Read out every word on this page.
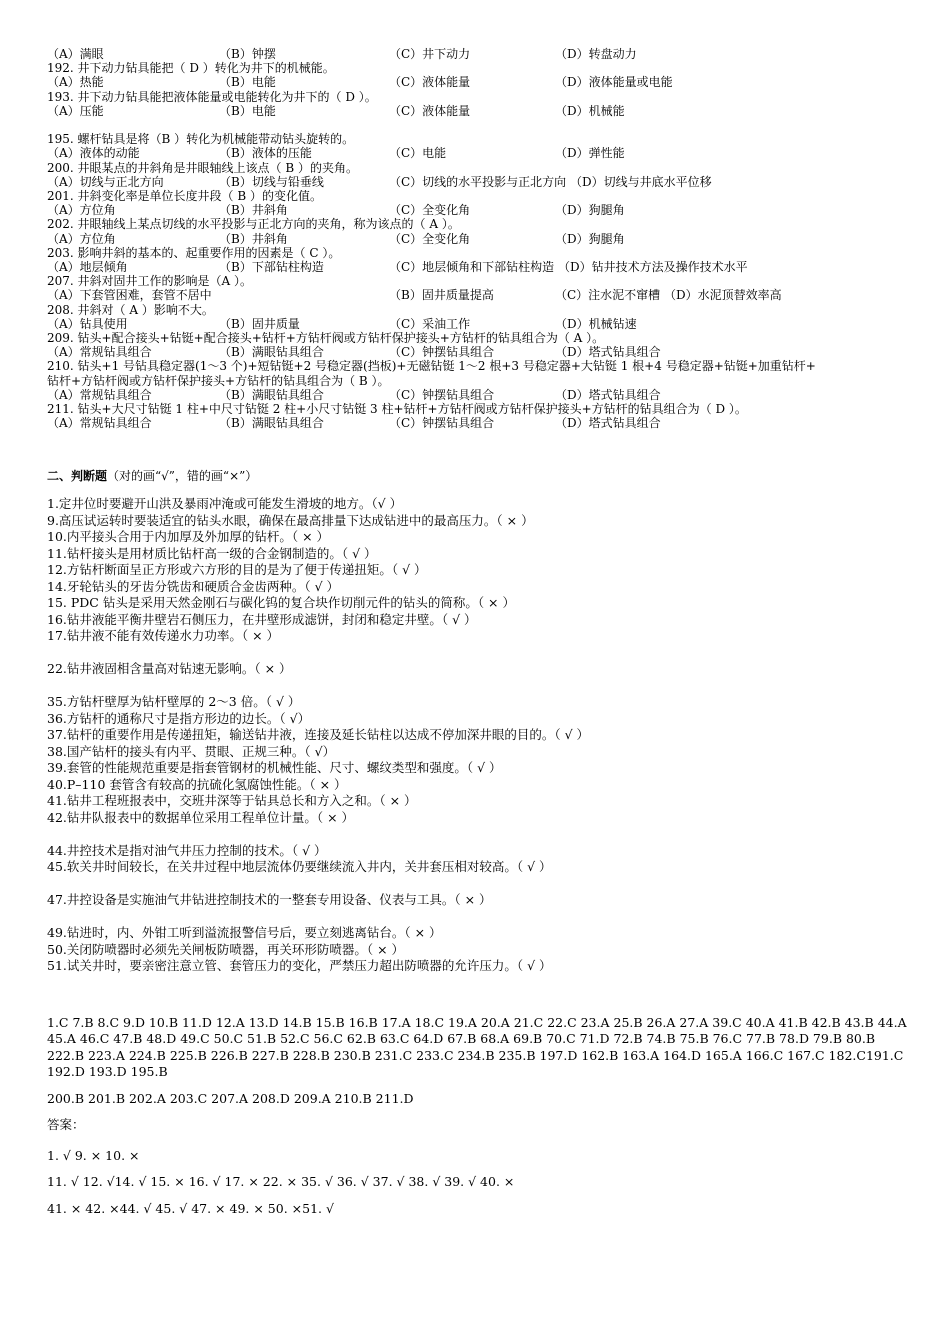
（A）满眼	（B）钟摆	（C）井下动力	（D）转盘动力
192. 井下动力钻具能把（ D ）转化为井下的机械能。
（A）热能	（B）电能	（C）液体能量	（D）液体能量或电能
193. 井下动力钻具能把液体能量或电能转化为井下的（ D ）。
（A）压能	（B）电能	（C）液体能量	（D）机械能
195. 螺杆钻具是将（B ）转化为机械能带动钻头旋转的。
（A）液体的动能	（B）液体的压能	（C）电能	（D）弹性能
200. 井眼某点的井斜角是井眼轴线上该点（ B ）的夹角。
（A）切线与正北方向	（B）切线与铅垂线	（C）切线的水平投影与正北方向 （D）切线与井底水平位移
201. 井斜变化率是单位长度井段（ B ）的变化值。
（A）方位角	（B）井斜角	（C）全变化角	（D）狗腿角
202. 井眼轴线上某点切线的水平投影与正北方向的夹角，称为该点的（ A ）。
（A）方位角	（B）井斜角	（C）全变化角	（D）狗腿角
203. 影响井斜的基本的、起重要作用的因素是（ C ）。
（A）地层倾角	（B）下部钻柱构造	（C）地层倾角和下部钻柱构造 （D）钻井技术方法及操作技术水平
207. 井斜对固井工作的影响是（A ）。
（A）下套管困难，套管不居中	（B）固井质量提高	（C）注水泥不窜槽 （D）水泥顶替效率高
208. 井斜对（ A ）影响不大。
（A）钻具使用	（B）固井质量	（C）采油工作	（D）机械钻速
209. 钻头+配合接头+钻铤+配合接头+钻杆+方钻杆阀或方钻杆保护接头+方钻杆的钻具组合为（ A ）。
（A）常规钻具组合	（B）满眼钻具组合	（C）钟摆钻具组合	（D）塔式钻具组合
210. 钻头+1 号钻具稳定器(1～3 个)+短钻铤+2 号稳定器(挡板)+无磁钻铤 1～2 根+3 号稳定器+大钻铤 1 根+4 号稳定器+钻铤+加重钻杆+
钻杆+方钻杆阀或方钻杆保护接头+方钻杆的钻具组合为（ B ）。
（A）常规钻具组合	（B）满眼钻具组合	（C）钟摆钻具组合	（D）塔式钻具组合
211. 钻头+大尺寸钻铤 1 柱+中尺寸钻铤 2 柱+小尺寸钻铤 3 柱+钻杆+方钻杆阀或方钻杆保护接头+方钻杆的钻具组合为（ D ）。
（A）常规钻具组合	（B）满眼钻具组合	（C）钟摆钻具组合	（D）塔式钻具组合
二、判断题（对的画“√”，错的画“×”）
1.定井位时要避开山洪及暴雨冲淹或可能发生滑坡的地方。（√ ）
9.高压试运转时要装适宜的钻头水眼，确保在最高排量下达成钻进中的最高压力。（ × ）
10.内平接头合用于内加厚及外加厚的钻杆。（ × ）
11.钻杆接头是用材质比钻杆高一级的合金钢制造的。（ √ ）
12.方钻杆断面呈正方形或六方形的目的是为了便于传递扭矩。（ √ ）
14.牙轮钻头的牙齿分铣齿和硬质合金齿两种。（ √ ）
15. PDC 钻头是采用天然金刚石与碳化钨的复合块作切削元件的钻头的简称。（ × ）
16.钻井液能平衡井壁岩石侧压力，在井壁形成滤饼，封闭和稳定井壁。（ √ ）
17.钻井液不能有效传递水力功率。（ × ）
22.钻井液固相含量高对钻速无影响。（ × ）
35.方钻杆壁厚为钻杆壁厚的 2～3 倍。（ √ ）
36.方钻杆的通称尺寸是指方形边的边长。（ √）
37.钻杆的重要作用是传递扭矩，输送钻井液，连接及延长钻柱以达成不停加深井眼的目的。（ √ ）
38.国产钻杆的接头有内平、贯眼、正规三种。（ √）
39.套管的性能规范重要是指套管钢材的机械性能、尺寸、螺纹类型和强度。（ √ ）
40.P–110 套管含有较高的抗硫化氢腐蚀性能。（ × ）
41.钻井工程班报表中，交班井深等于钻具总长和方入之和。（ × ）
42.钻井队报表中的数据单位采用工程单位计量。（ × ）
44.井控技术是指对油气井压力控制的技术。（ √ ）
45.软关井时间较长，在关井过程中地层流体仍要继续流入井内，关井套压相对较高。（ √ ）
47.井控设备是实施油气井钻进控制技术的一整套专用设备、仪表与工具。（ × ）
49.钻进时，内、外钳工听到溢流报警信号后，要立刻逃离钻台。（ × ）
50.关闭防喷器时必须先关闸板防喷器，再关环形防喷器。（ × ）
51.试关井时，要亲密注意立管、套管压力的变化，严禁压力超出防喷器的允许压力。（ √ ）
1.C 7.B 8.C 9.D 10.B 11.D 12.A 13.D 14.B 15.B 16.B 17.A 18.C 19.A 20.A 21.C 22.C 23.A 25.B 26.A 27.A 39.C 40.A 41.B 42.B 43.B 44.A 45.A 46.C 47.B 48.D 49.C 50.C 51.B 52.C 56.C 62.B 63.C 64.D 67.B 68.A 69.B 70.C 71.D 72.B 74.B 75.B 76.C 77.B 78.D 79.B 80.B 222.B 223.A 224.B 225.B 226.B 227.B 228.B 230.B 231.C 233.C 234.B 235.B 197.D 162.B 163.A 164.D 165.A 166.C 167.C 182.C191.C 192.D 193.D 195.B
200.B 201.B 202.A 203.C 207.A 208.D 209.A 210.B 211.D
答案：
1. √ 9. × 10. ×
11. √ 12. √14. √ 15. × 16. √ 17. × 22. × 35. √ 36. √ 37. √ 38. √ 39. √ 40. ×
41. × 42. ×44. √ 45. √ 47. × 49. × 50. ×51. √
